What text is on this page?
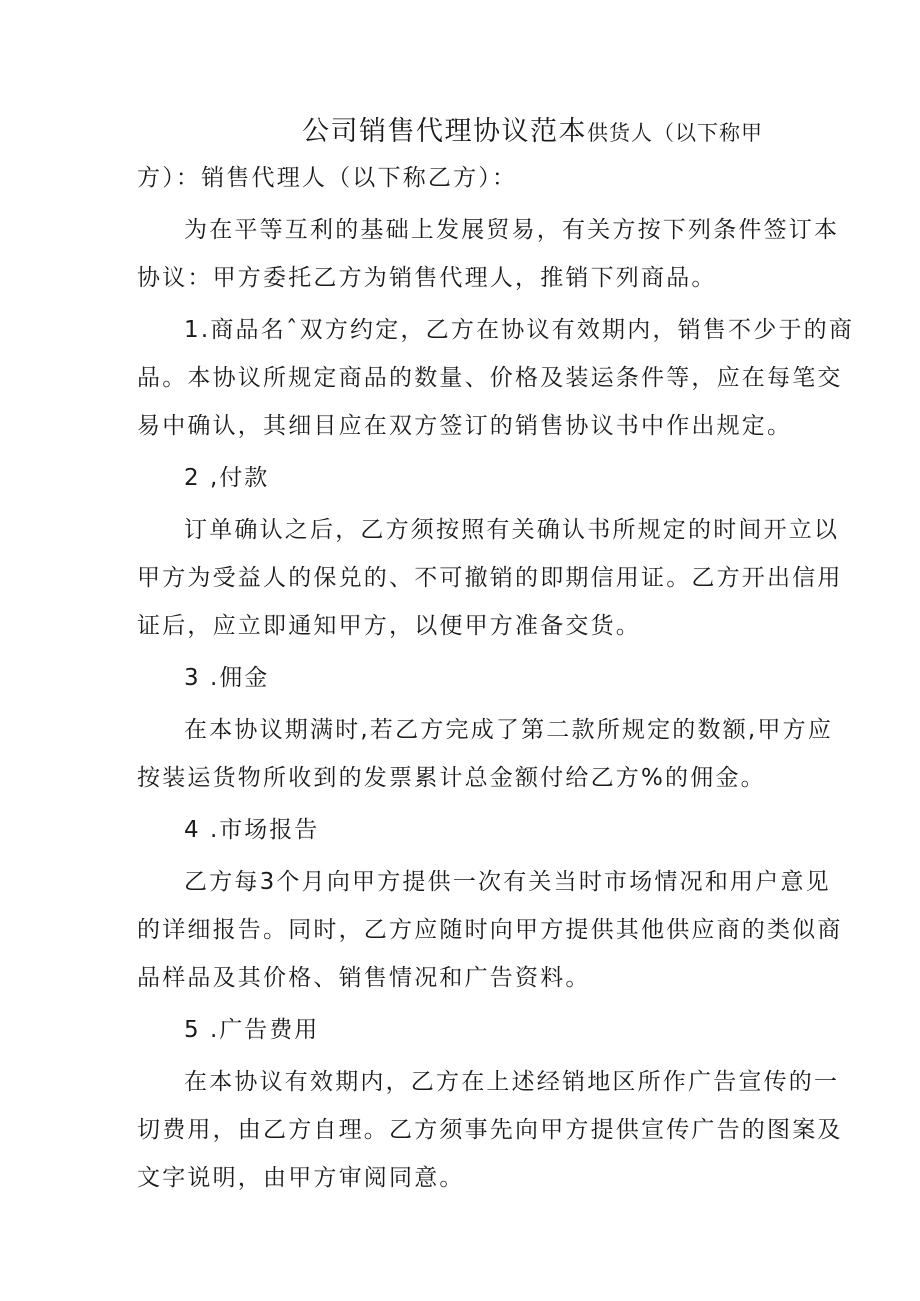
公司销售代理协议范本供货人（以下称甲
方）：销售代理人（以下称乙方）：
为在平等互利的基础上发展贸易，有关方按下列条件签订本
协议：甲方委托乙方为销售代理人，推销下列商品。
1.商品名ˆ双方约定，乙方在协议有效期内，销售不少于的商
品。本协议所规定商品的数量、价格及装运条件等，应在每笔交
易中确认，其细目应在双方签订的销售协议书中作出规定。
2 ,付款
订单确认之后，乙方须按照有关确认书所规定的时间开立以
甲方为受益人的保兑的、不可撤销的即期信用证。乙方开出信用
证后，应立即通知甲方，以便甲方准备交货。
3 .佣金
在本协议期满时,若乙方完成了第二款所规定的数额,甲方应
按装运货物所收到的发票累计总金额付给乙方%的佣金。
4 .市场报告
乙方每3个月向甲方提供一次有关当时市场情况和用户意见
的详细报告。同时，乙方应随时向甲方提供其他供应商的类似商
品样品及其价格、销售情况和广告资料。
5 .广告费用
在本协议有效期内，乙方在上述经销地区所作广告宣传的一
切费用，由乙方自理。乙方须事先向甲方提供宣传广告的图案及
文字说明，由甲方审阅同意。
